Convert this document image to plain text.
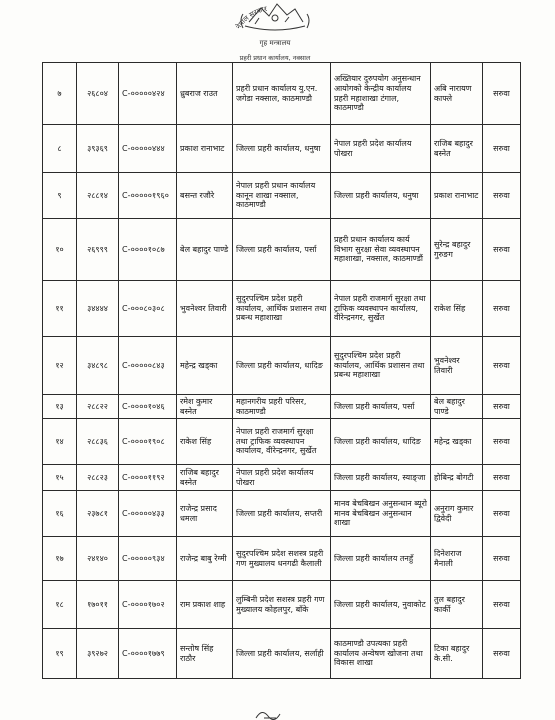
नेपाल सरकार
गृह मन्त्रालय
प्रहरी प्रधान कार्यालय, नक्साल
७	२६८०४	C-०००००४२४	ध्रुबराज राउत	प्रहरी प्रधान कार्यालय यु.एन. जगेडा नक्साल, काठमाण्डौ	अख्तियार दुरुपयोग अनुसन्धान आयोगको केन्द्रीय कार्यालय प्रहरी महाशाखा टंगाल, काठमाण्डौ	अबि नारायण काफ्ले	सरुवा
८	३९३६९	C-०००००४४४	प्रकाश रानाभाट	जिल्ला प्रहरी कार्यालय, धनुषा	नेपाल प्रहरी प्रदेश कार्यालय पोखरा	राजिब बहादुर बस्नेत	सरुवा
९	२८८१४	C-०००००१९६०	बसन्त रजौरे	नेपाल प्रहरी प्रधान कार्यालय कानून शाखा नक्साल, काठमाण्डौ	जिल्ला प्रहरी कार्यालय, धनुषा	प्रकाश रानाभाट	सरुवा
१०	२६९९९	C-००००१०८७	बेल बहादुर पाण्डे	जिल्ला प्रहरी कार्यालय, पर्सा	प्रहरी प्रधान कार्यालय कार्य विभाग सुरक्षा सेवा व्यवस्थापन महाशाखा, नक्साल, काठमाण्डौं	सुरेन्द्र बहादुर गुरुङग	सरुवा
११	३४४४४	C-०००८०३०८	भुवनेश्वर तिवारी	सुदुरपश्चिम प्रदेश प्रहरी कार्यालय, आर्थिक प्रशासन तथा प्रबन्ध महाशाखा	नेपाल प्रहरी राजमार्ग सुरक्षा तथा ट्राफिक व्यवस्थापन कार्यालय, वीरेन्द्रनगर, सुर्खेत	राकेश सिंह	सरुवा
१२	३४८९८	C-०००००८४३	महेन्द्र खड्का	जिल्ला प्रहरी कार्यालय, धादिङ	सुदुरपश्चिम प्रदेश प्रहरी कार्यालय, आर्थिक प्रशासन तथा प्रबन्ध महाशाखा	भुवनेश्वर तिवारी	सरुवा
१३	२८८२२	C-००००१०४६	रमेश कुमार बस्नेत	महानगरीय प्रहरी परिसर, काठमाण्डौ	जिल्ला प्रहरी कार्यालय, पर्सा	बेल बहादुर पाण्डे	सरुवा
१४	२८८३६	C-००००१९०८	राकेश सिंह	नेपाल प्रहरी राजमार्ग सुरक्षा तथा ट्राफिक व्यवस्थापन कार्यालय, वीरेन्द्रनगर, सुर्खेत	जिल्ला प्रहरी कार्यालय, धादिङ	महेन्द्र खड्का	सरुवा
१५	२८८२३	C-००००११९२	राजिब बहादुर बस्नेत	नेपाल प्रहरी प्रदेश कार्यालय पोखरा	जिल्ला प्रहरी कार्यालय, स्याङ्जा	होबिन्द्र बोगटी	सरुवा
१६	२३७८१	C-०००००४३३	राजेन्द्र प्रसाद धमला	जिल्ला प्रहरी कार्यालय, सप्तरी	मानव बेचबिखन अनुसन्धान ब्यूरो मानव बेचबिखन अनुसन्धान शाखा	अनुराग कुमार द्विवेदी	सरुवा
१७	२४१४०	C-०००००९३४	राजेन्द्र बाबु रेग्मी	सुदुरपश्चिम प्रदेश सशस्त्र प्रहरी गण मुख्यालय धनगढी कैलाली	जिल्ला प्रहरी कार्यालय तनहुँ	दिनेशराज मैनाली	सरुवा
१८	१७०११	C-००००१७०२	राम प्रकाश शाह	लुम्बिनी प्रदेश सशस्त्र प्रहरी गण मुख्यालय कोहलपुर, बाँके	जिल्ला प्रहरी कार्यालय, नुवाकोट	तुल बहादुर कार्की	सरुवा
१९	३९२७२	C-००००१७७९	सन्तोष सिंह राठौर	जिल्ला प्रहरी कार्यालय, सर्लाही	काठमाण्डौ उपत्यका प्रहरी कार्यालय अन्वेषण खोजना तथा विकास शाखा	टिका बहादुर के.सी.	सरुवा
